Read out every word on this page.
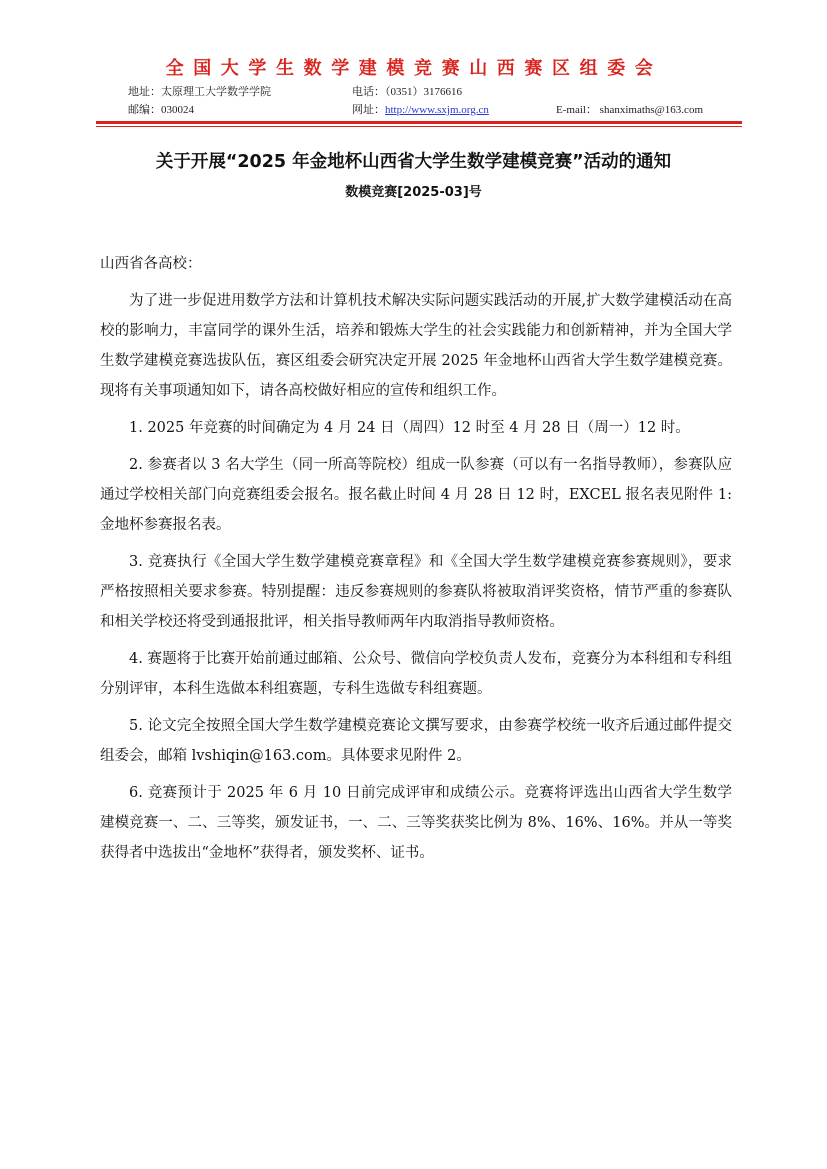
全国大学生数学建模竞赛山西赛区组委会
地址：太原理工大学数学学院	电话：（0351）3176616
邮编：030024	网址：http://www.sxjm.org.cn	E-mail： shanximaths@163.com
关于开展“2025 年金地杯山西省大学生数学建模竞赛”活动的通知
数模竞赛[2025-03]号

山西省各高校：

为了进一步促进用数学方法和计算机技术解决实际问题实践活动的开展,扩大数学建模活动在高校的影响力，丰富同学的课外生活，培养和锻炼大学生的社会实践能力和创新精神，并为全国大学生数学建模竞赛选拔队伍，赛区组委会研究决定开展 2025 年金地杯山西省大学生数学建模竞赛。现将有关事项通知如下，请各高校做好相应的宣传和组织工作。

1. 2025 年竞赛的时间确定为 4 月 24 日（周四）12 时至 4 月 28 日（周一）12 时。

2. 参赛者以 3 名大学生（同一所高等院校）组成一队参赛（可以有一名指导教师），参赛队应通过学校相关部门向竞赛组委会报名。报名截止时间 4 月 28 日 12 时，EXCEL 报名表见附件 1:金地杯参赛报名表。

3. 竞赛执行《全国大学生数学建模竞赛章程》和《全国大学生数学建模竞赛参赛规则》，要求严格按照相关要求参赛。特别提醒：违反参赛规则的参赛队将被取消评奖资格，情节严重的参赛队和相关学校还将受到通报批评，相关指导教师两年内取消指导教师资格。

4. 赛题将于比赛开始前通过邮箱、公众号、微信向学校负责人发布，竞赛分为本科组和专科组分别评审，本科生选做本科组赛题，专科生选做专科组赛题。

5. 论文完全按照全国大学生数学建模竞赛论文撰写要求，由参赛学校统一收齐后通过邮件提交组委会，邮箱 lvshiqin@163.com。具体要求见附件 2。

6. 竞赛预计于 2025 年 6 月 10 日前完成评审和成绩公示。竞赛将评选出山西省大学生数学建模竞赛一、二、三等奖，颁发证书，一、二、三等奖获奖比例为 8%、16%、16%。并从一等奖获得者中选拔出“金地杯”获得者，颁发奖杯、证书。
